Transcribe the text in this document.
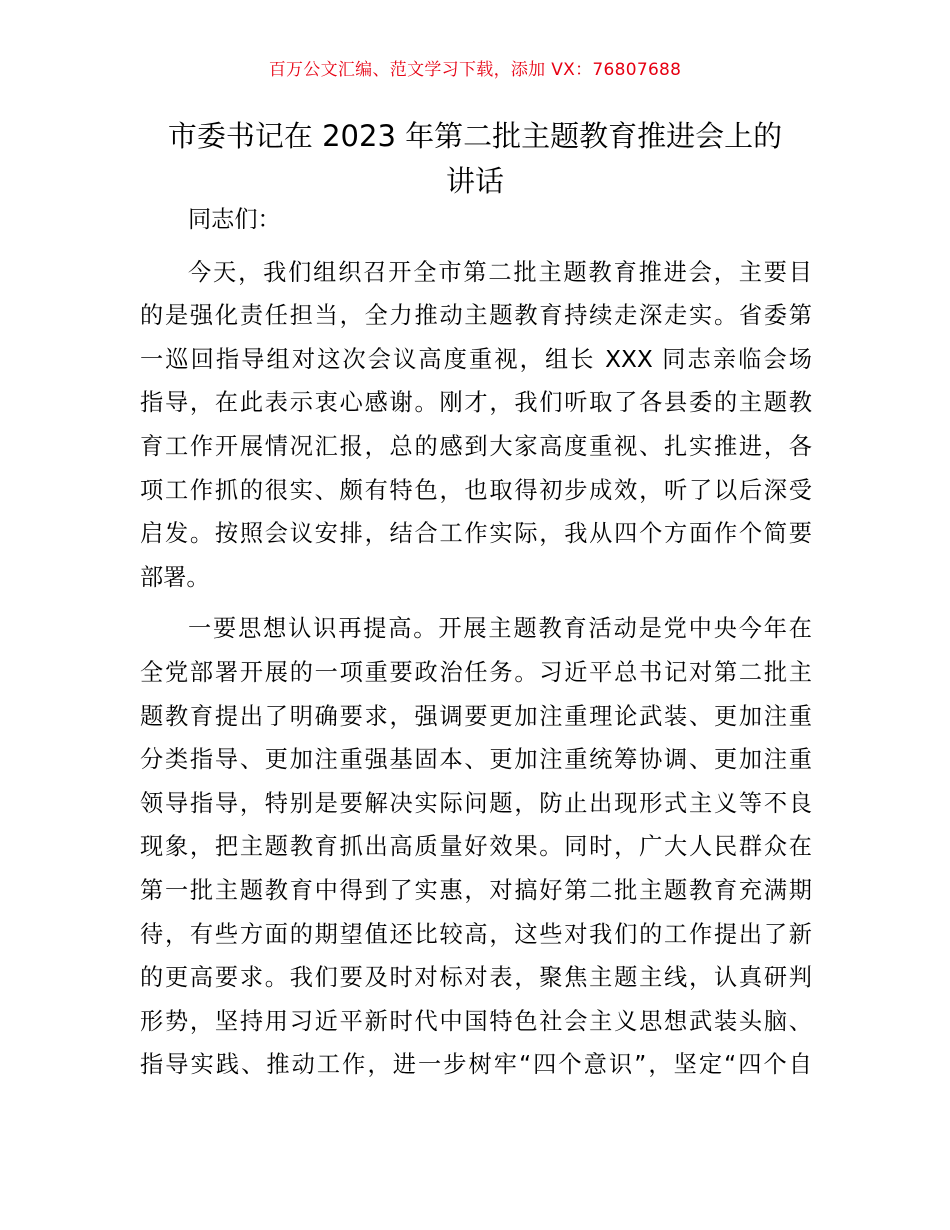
百万公文汇编、范文学习下载，添加 VX：76807688
市委书记在 2023 年第二批主题教育推进会上的
讲话

同志们：

今天，我们组织召开全市第二批主题教育推进会，主要目
的是强化责任担当，全力推动主题教育持续走深走实。省委第
一巡回指导组对这次会议高度重视，组长 XXX 同志亲临会场
指导，在此表示衷心感谢。刚才，我们听取了各县委的主题教
育工作开展情况汇报，总的感到大家高度重视、扎实推进，各
项工作抓的很实、颇有特色，也取得初步成效，听了以后深受
启发。按照会议安排，结合工作实际，我从四个方面作个简要
部署。

一要思想认识再提高。开展主题教育活动是党中央今年在
全党部署开展的一项重要政治任务。习近平总书记对第二批主
题教育提出了明确要求，强调要更加注重理论武装、更加注重
分类指导、更加注重强基固本、更加注重统筹协调、更加注重
领导指导，特别是要解决实际问题，防止出现形式主义等不良
现象，把主题教育抓出高质量好效果。同时，广大人民群众在
第一批主题教育中得到了实惠，对搞好第二批主题教育充满期
待，有些方面的期望值还比较高，这些对我们的工作提出了新
的更高要求。我们要及时对标对表，聚焦主题主线，认真研判
形势，坚持用习近平新时代中国特色社会主义思想武装头脑、
指导实践、推动工作，进一步树牢“四个意识”，坚定“四个自
